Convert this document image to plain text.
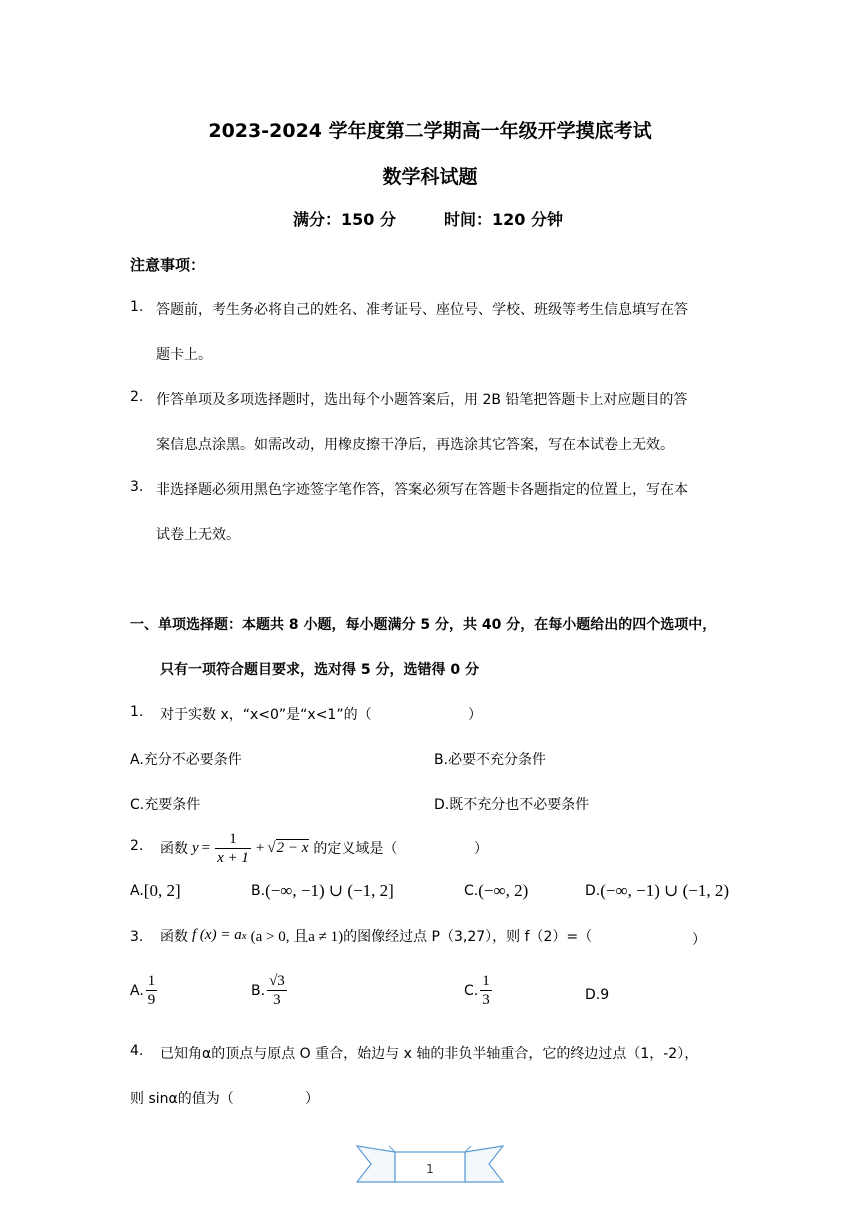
2023-2024 学年度第二学期高一年级开学摸底考试
数学科试题
满分：150 分	时间：120 分钟
注意事项：
1. 答题前，考生务必将自己的姓名、准考证号、座位号、学校、班级等考生信息填写在答
题卡上。
2. 作答单项及多项选择题时，选出每个小题答案后，用 2B 铅笔把答题卡上对应题目的答
案信息点涂黑。如需改动，用橡皮擦干净后，再选涂其它答案，写在本试卷上无效。
3. 非选择题必须用黑色字迹签字笔作答，答案必须写在答题卡各题指定的位置上，写在本
试卷上无效。
一、单项选择题：本题共 8 小题，每小题满分 5 分，共 40 分，在每小题给出的四个选项中，
只有一项符合题目要求，选对得 5 分，选错得 0 分
1. 对于实数 x，“x<0”是“x<1”的（	）
A.充分不必要条件	B.必要不充分条件
C.充要条件	D.既不充分也不必要条件
2. 函数 $y = \frac{1}{x + 1} + √2 - x$ 的定义域是（	）
A. [0, 2]	B. (−∞, −1) ∪ (−1, 2]	C. (−∞, 2)	D. (−∞, −1) ∪ (−1, 2)
3. 函数 f (x) = a x (a > 0, 且a ≠ 1) 的图像经过点 P（3,27），则 f（2）=（	）
A. $\frac{1}{9}$	B. $\frac{√3}{3}$	C. $\frac{1}{3}$	D.9
4. 已知角α的顶点与原点 O 重合，始边与 x 轴的非负半轴重合，它的终边过点（1，-2），
则 sinα的值为（	）
1
